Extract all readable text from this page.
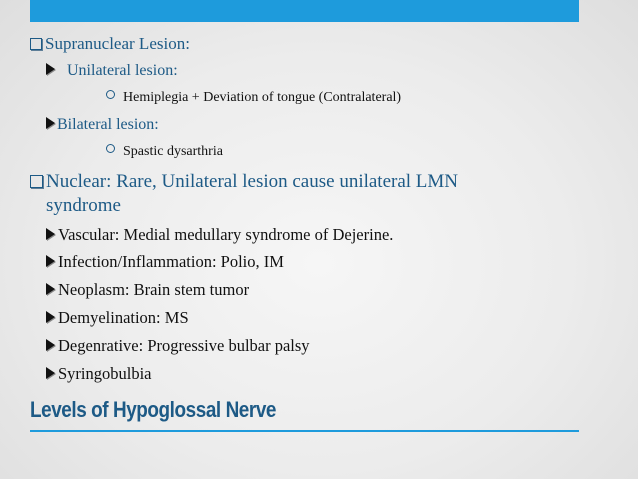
Supranuclear Lesion:
Unilateral lesion:
Hemiplegia + Deviation of tongue (Contralateral)
Bilateral lesion:
Spastic dysarthria
Nuclear: Rare, Unilateral lesion cause unilateral LMN
syndrome
Vascular: Medial medullary syndrome of Dejerine.
Infection/Inflammation: Polio, IM
Neoplasm: Brain stem tumor
Demyelination: MS
Degenrative: Progressive bulbar palsy
Syringobulbia
Levels of Hypoglossal Nerve
